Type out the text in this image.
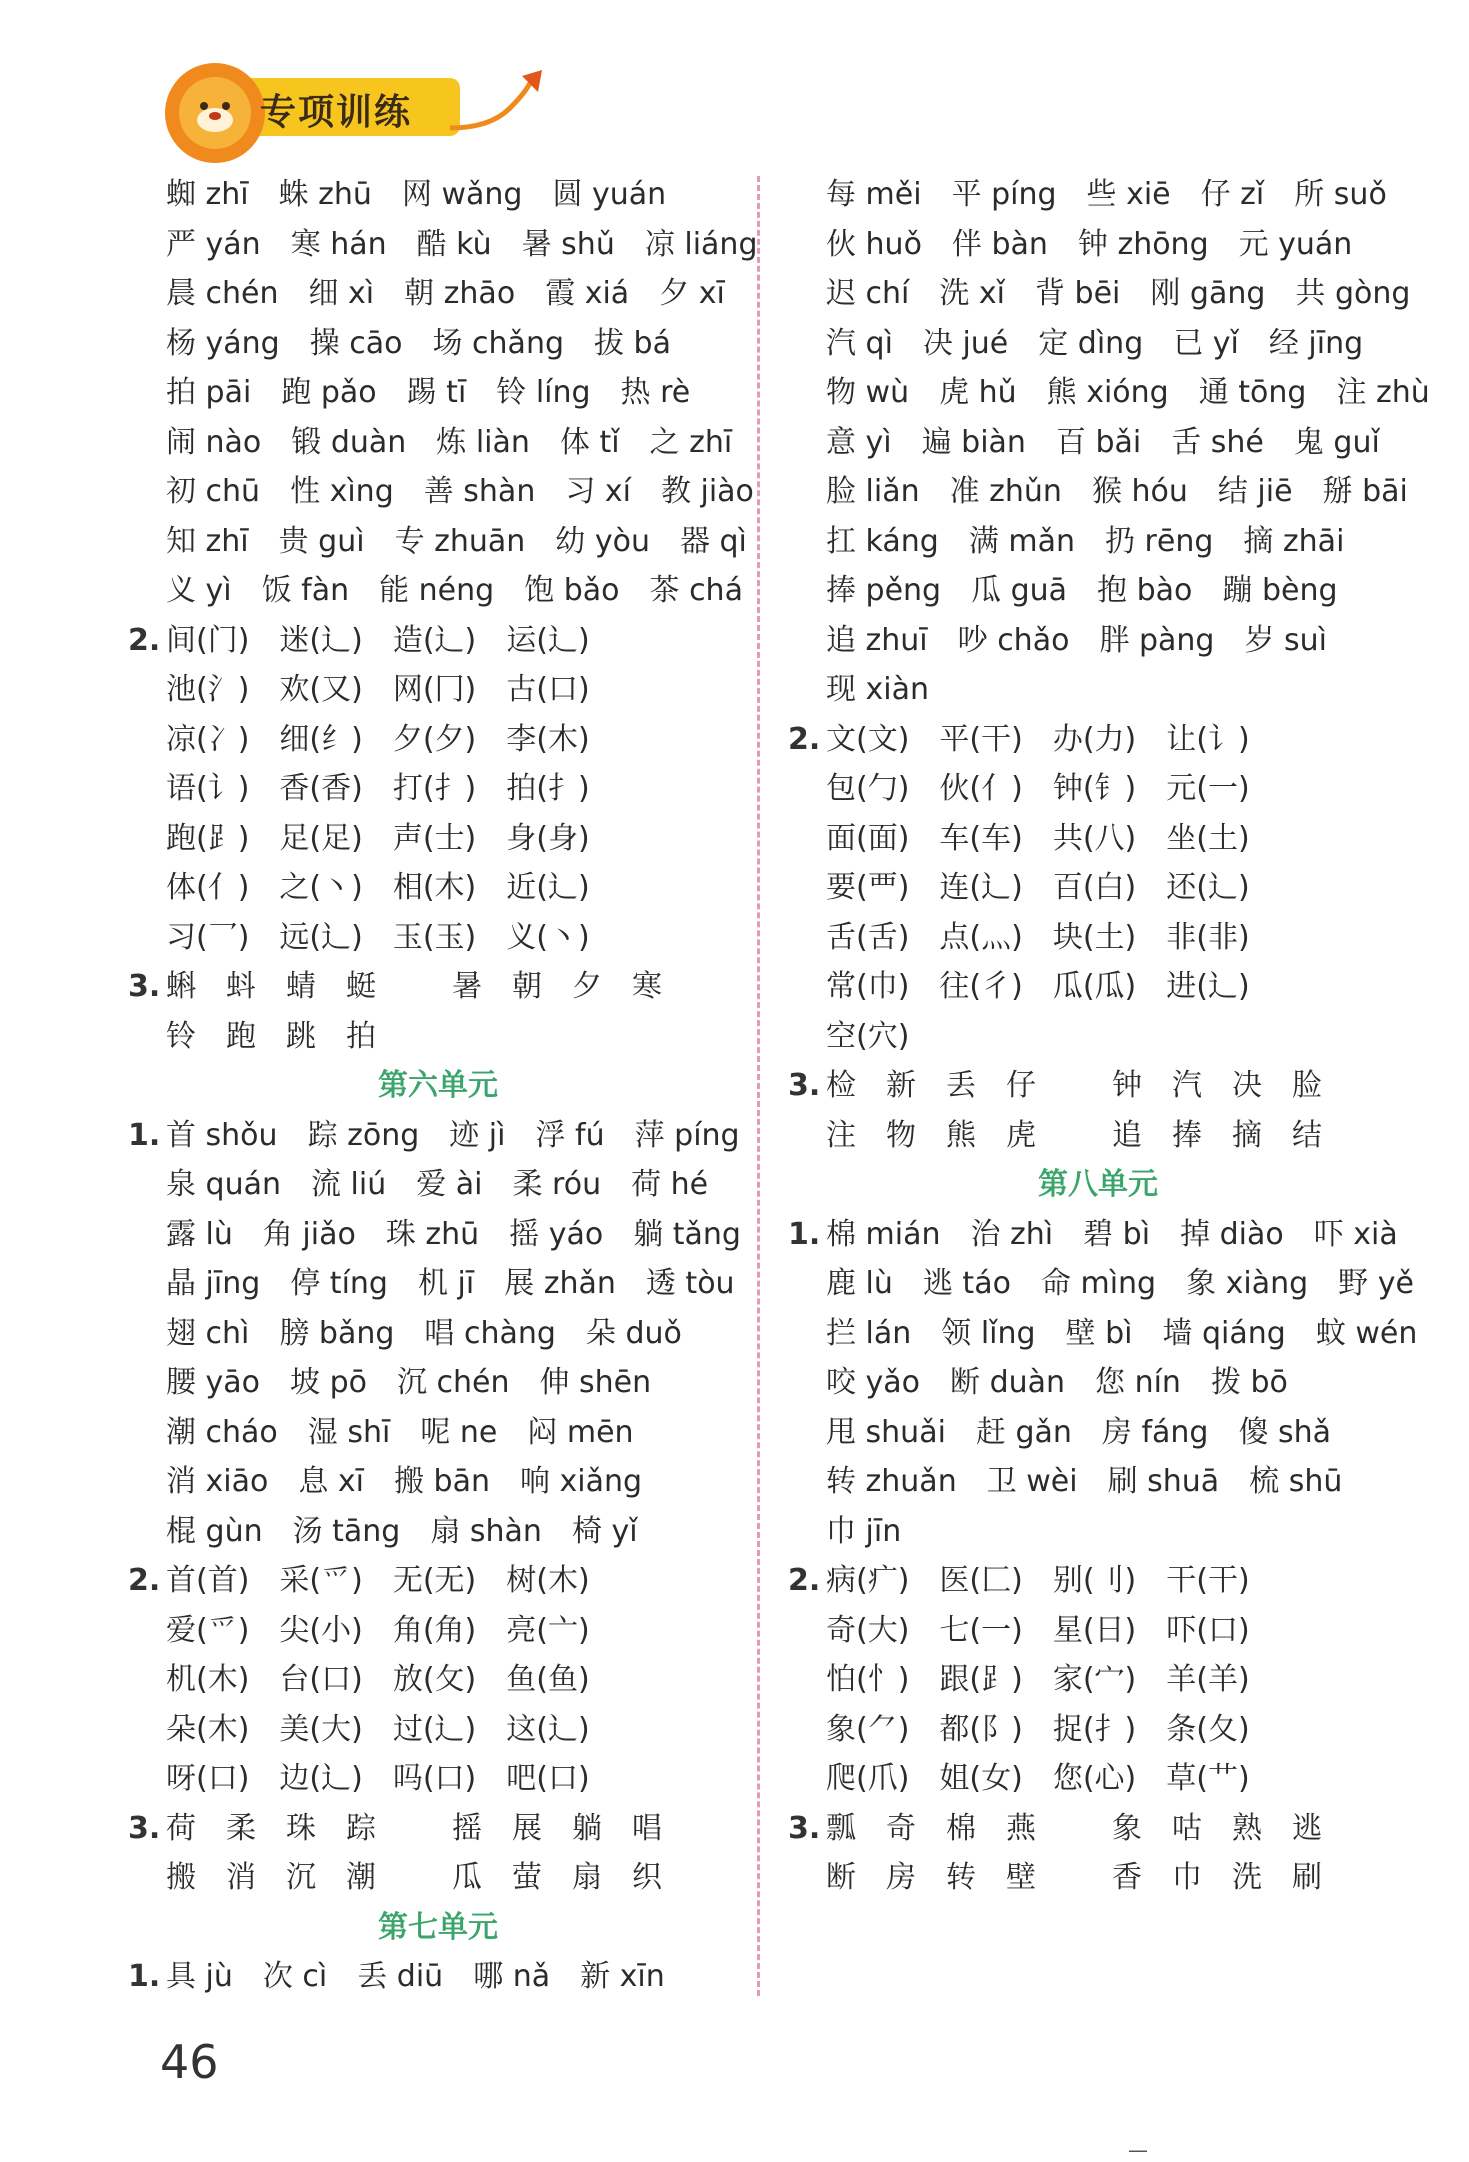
专项训练
蜘 zhī 蛛 zhū 网 wǎng 圆 yuán
严 yán 寒 hán 酷 kù 暑 shǔ 凉 liáng
晨 chén 细 xì 朝 zhāo 霞 xiá 夕 xī
杨 yáng 操 cāo 场 chǎng 拔 bá
拍 pāi 跑 pǎo 踢 tī 铃 líng 热 rè
闹 nào 锻 duàn 炼 liàn 体 tǐ 之 zhī
初 chū 性 xìng 善 shàn 习 xí 教 jiào
知 zhī 贵 guì 专 zhuān 幼 yòu 器 qì
义 yì 饭 fàn 能 néng 饱 bǎo 茶 chá
2. 间(门) 迷(辶) 造(辶) 运(辶)
池(氵) 欢(又) 网(冂) 古(口)
凉(冫) 细(纟) 夕(夕) 李(木)
语(讠) 香(香) 打(扌) 拍(扌)
跑(⻊) 足(足) 声(士) 身(身)
体(亻) 之(丶) 相(木) 近(辶)
习(乛) 远(辶) 玉(玉) 义(丶)
3. 蝌 蚪 蜻 蜓	暑 朝 夕 寒
铃 跑 跳 拍
第六单元
1. 首 shǒu 踪 zōng 迹 jì 浮 fú 萍 píng
泉 quán 流 liú 爱 ài 柔 róu 荷 hé
露 lù 角 jiǎo 珠 zhū 摇 yáo 躺 tǎng
晶 jīng 停 tíng 机 jī 展 zhǎn 透 tòu
翅 chì 膀 bǎng 唱 chàng 朵 duǒ
腰 yāo 坡 pō 沉 chén 伸 shēn
潮 cháo 湿 shī 呢 ne 闷 mēn
消 xiāo 息 xī 搬 bān 响 xiǎng
棍 gùn 汤 tāng 扇 shàn 椅 yǐ
2. 首(首) 采(爫) 无(无) 树(木)
爱(爫) 尖(小) 角(角) 亮(亠)
机(木) 台(口) 放(攵) 鱼(鱼)
朵(木) 美(大) 过(辶) 这(辶)
呀(口) 边(辶) 吗(口) 吧(口)
3. 荷 柔 珠 踪	摇 展 躺 唱
搬 消 沉 潮	瓜 萤 扇 织
第七单元
1. 具 jù 次 cì 丢 diū 哪 nǎ 新 xīn
每 měi 平 píng 些 xiē 仔 zǐ 所 suǒ
伙 huǒ 伴 bàn 钟 zhōng 元 yuán
迟 chí 洗 xǐ 背 bēi 刚 gāng 共 gòng
汽 qì 决 jué 定 dìng 已 yǐ 经 jīng
物 wù 虎 hǔ 熊 xióng 通 tōng 注 zhù
意 yì 遍 biàn 百 bǎi 舌 shé 鬼 guǐ
脸 liǎn 准 zhǔn 猴 hóu 结 jiē 掰 bāi
扛 káng 满 mǎn 扔 rēng 摘 zhāi
捧 pěng 瓜 guā 抱 bào 蹦 bèng
追 zhuī 吵 chǎo 胖 pàng 岁 suì
现 xiàn
2. 文(文) 平(干) 办(力) 让(讠)
包(勹) 伙(亻) 钟(钅) 元(一)
面(面) 车(车) 共(八) 坐(土)
要(覀) 连(辶) 百(白) 还(辶)
舌(舌) 点(灬) 块(土) 非(非)
常(巾) 往(彳) 瓜(瓜) 进(辶)
空(穴)
3. 检 新 丢 仔	钟 汽 决 脸
注 物 熊 虎	追 捧 摘 结
第八单元
1. 棉 mián 治 zhì 碧 bì 掉 diào 吓 xià
鹿 lù 逃 táo 命 mìng 象 xiàng 野 yě
拦 lán 领 lǐng 壁 bì 墙 qiáng 蚊 wén
咬 yǎo 断 duàn 您 nín 拨 bō
甩 shuǎi 赶 gǎn 房 fáng 傻 shǎ
转 zhuǎn 卫 wèi 刷 shuā 梳 shū
巾 jīn
2. 病(疒) 医(匚) 别(刂) 干(干)
奇(大) 七(一) 星(日) 吓(口)
怕(忄) 跟(⻊) 家(宀) 羊(羊)
象(⺈) 都(阝) 捉(扌) 条(夂)
爬(爪) 姐(女) 您(心) 草(艹)
3. 瓢 奇 棉 燕	象 咕 熟 逃
断 房 转 壁	香 巾 洗 刷
46
—
